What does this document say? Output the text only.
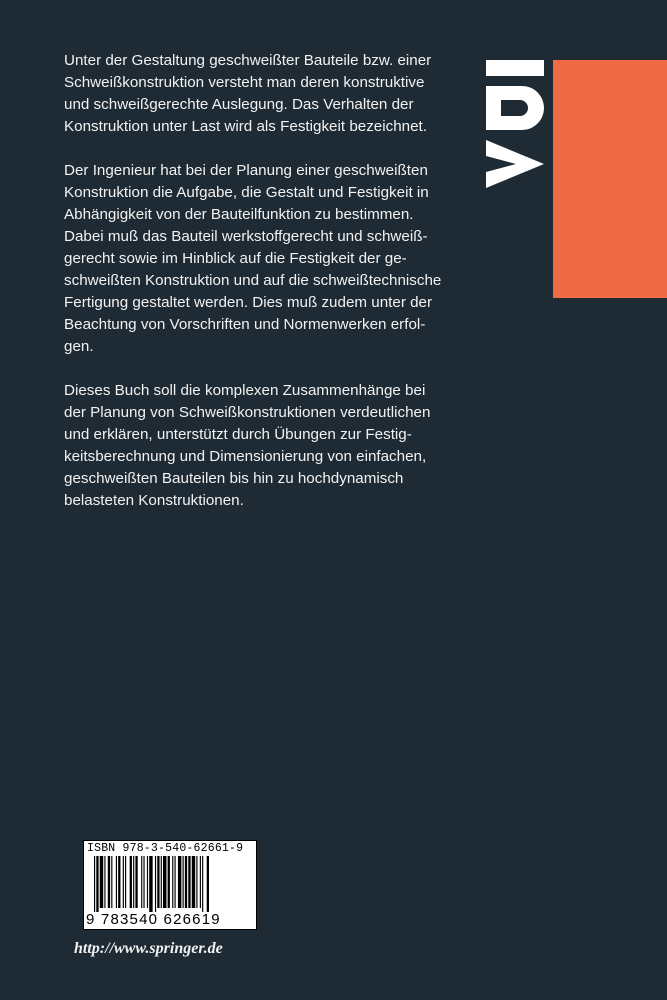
Unter der Gestaltung geschweißter Bauteile bzw. einer
Schweißkonstruktion versteht man deren konstruktive
und schweißgerechte Auslegung. Das Verhalten der
Konstruktion unter Last wird als Festigkeit bezeichnet.

Der Ingenieur hat bei der Planung einer geschweißten
Konstruktion die Aufgabe, die Gestalt und Festigkeit in
Abhängigkeit von der Bauteilfunktion zu bestimmen.
Dabei muß das Bauteil werkstoffgerecht und schweiß-
gerecht sowie im Hinblick auf die Festigkeit der ge-
schweißten Konstruktion und auf die schweißtechnische
Fertigung gestaltet werden. Dies muß zudem unter der
Beachtung von Vorschriften und Normenwerken erfol-
gen.

Dieses Buch soll die komplexen Zusammenhänge bei
der Planung von Schweißkonstruktionen verdeutlichen
und erklären, unterstützt durch Übungen zur Festig-
keitsberechnung und Dimensionierung von einfachen,
geschweißten Bauteilen bis hin zu hochdynamisch
belasteten Konstruktionen.

ISBN 978-3-540-62661-9
9 783540 626619
http://www.springer.de
